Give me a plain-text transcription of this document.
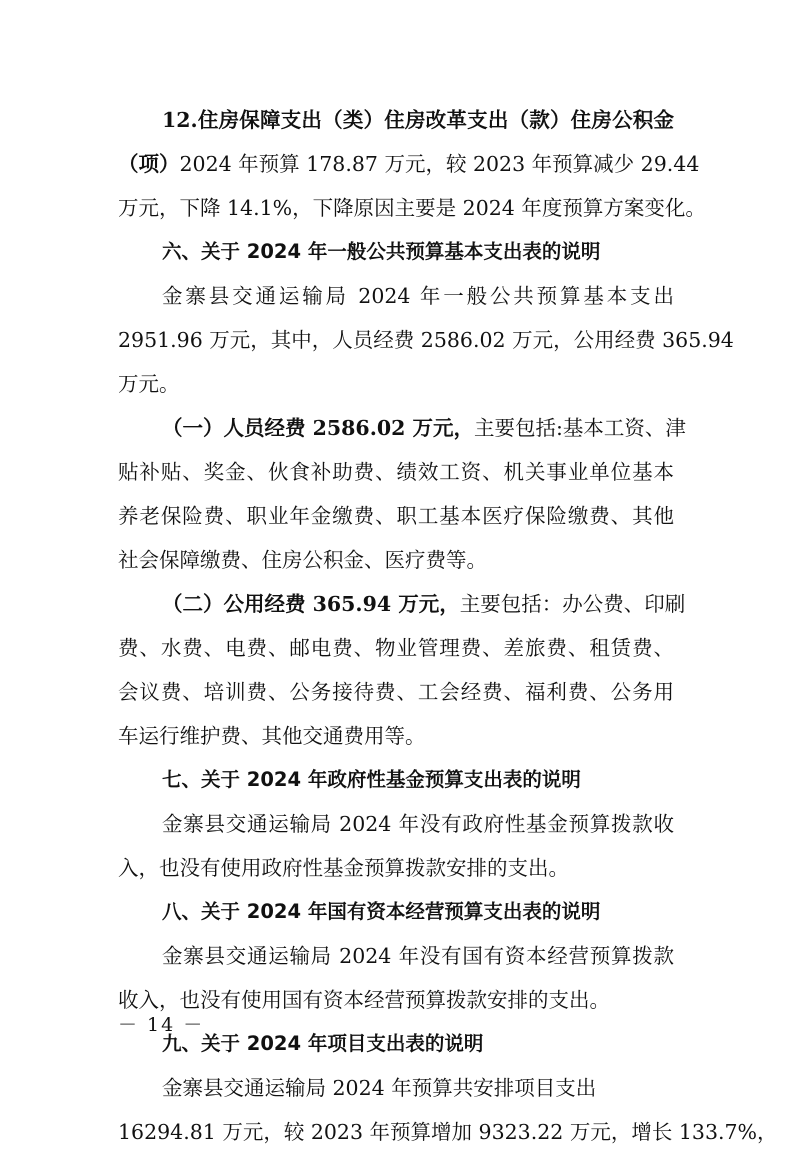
12.住房保障支出（类）住房改革支出（款）住房公积金
（项）2024 年预算 178.87 万元，较 2023 年预算减少 29.44
万元，下降 14.1%，下降原因主要是 2024 年度预算方案变化。
六、关于 2024 年一般公共预算基本支出表的说明
金寨县交通运输局 2024 年一般公共预算基本支出
2951.96 万元，其中，人员经费 2586.02 万元，公用经费 365.94
万元。
（一）人员经费 2586.02 万元，主要包括:基本工资、津
贴补贴、奖金、伙食补助费、绩效工资、机关事业单位基本
养老保险费、职业年金缴费、职工基本医疗保险缴费、其他
社会保障缴费、住房公积金、医疗费等。
（二）公用经费 365.94 万元，主要包括：办公费、印刷
费、水费、电费、邮电费、物业管理费、差旅费、租赁费、
会议费、培训费、公务接待费、工会经费、福利费、公务用
车运行维护费、其他交通费用等。
七、关于 2024 年政府性基金预算支出表的说明
金寨县交通运输局 2024 年没有政府性基金预算拨款收
入，也没有使用政府性基金预算拨款安排的支出。
八、关于 2024 年国有资本经营预算支出表的说明
金寨县交通运输局 2024 年没有国有资本经营预算拨款
收入，也没有使用国有资本经营预算拨款安排的支出。
九、关于 2024 年项目支出表的说明
金寨县交通运输局 2024 年预算共安排项目支出
16294.81 万元，较 2023 年预算增加 9323.22 万元，增长 133.7%，
－ 14 －
